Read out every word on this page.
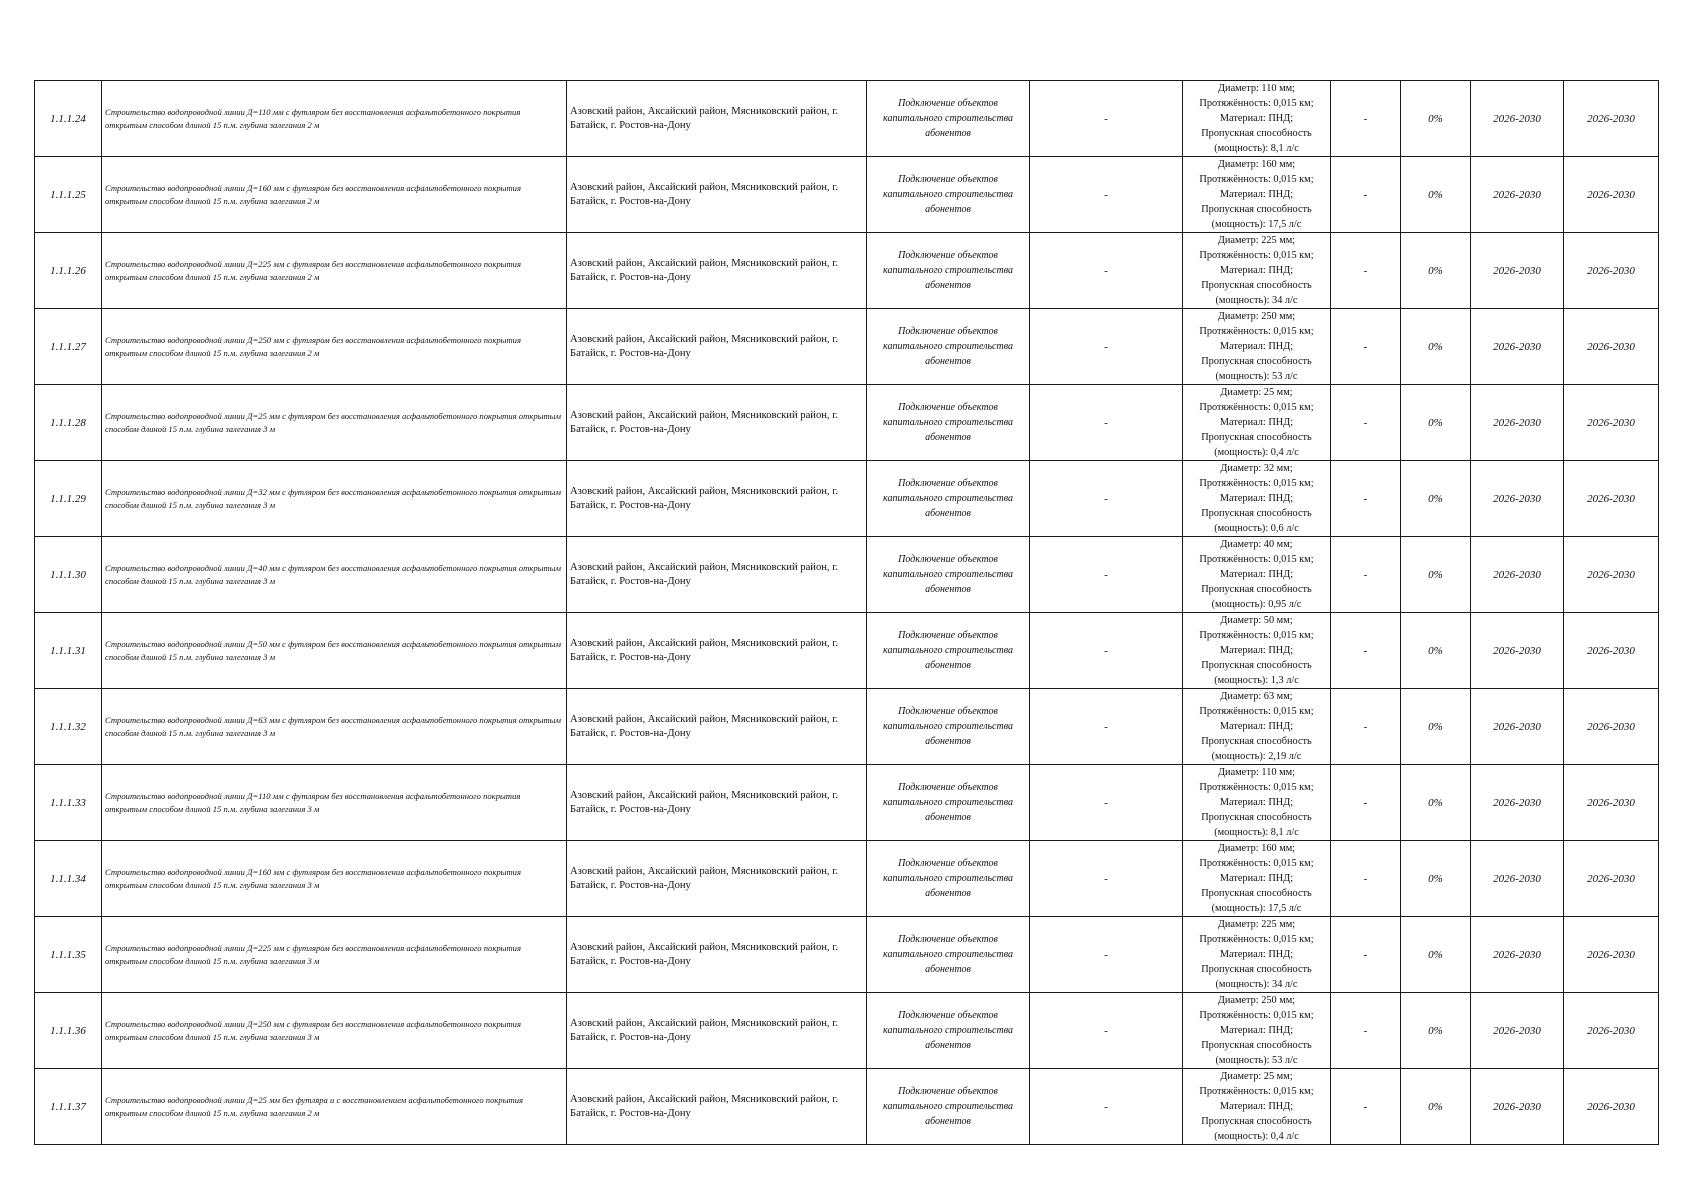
1.1.1.24	Строительство водопроводной линии Д=110 мм с футляром без восстановления асфальтобетонного покрытия открытым способом длиной 15 п.м. глубина залегания 2 м	Азовский район, Аксайский район, Мясниковский район, г. Батайск, г. Ростов-на-Дону	Подключение объектов капитального строительства абонентов	-	Диаметр: 110 мм;
Протяжённость: 0,015 км;
Материал: ПНД;
Пропускная способность
(мощность): 8,1 л/с	-	0%	2026-2030	2026-2030
1.1.1.25	Строительство водопроводной линии Д=160 мм с футляром без восстановления асфальтобетонного покрытия открытым способом длиной 15 п.м. глубина залегания 2 м	Азовский район, Аксайский район, Мясниковский район, г. Батайск, г. Ростов-на-Дону	Подключение объектов капитального строительства абонентов	-	Диаметр: 160 мм;
Протяжённость: 0,015 км;
Материал: ПНД;
Пропускная способность
(мощность): 17,5 л/с	-	0%	2026-2030	2026-2030
1.1.1.26	Строительство водопроводной линии Д=225 мм с футляром без восстановления асфальтобетонного покрытия открытым способом длиной 15 п.м. глубина залегания 2 м	Азовский район, Аксайский район, Мясниковский район, г. Батайск, г. Ростов-на-Дону	Подключение объектов капитального строительства абонентов	-	Диаметр: 225 мм;
Протяжённость: 0,015 км;
Материал: ПНД;
Пропускная способность
(мощность): 34 л/с	-	0%	2026-2030	2026-2030
1.1.1.27	Строительство водопроводной линии Д=250 мм с футляром без восстановления асфальтобетонного покрытия открытым способом длиной 15 п.м. глубина залегания 2 м	Азовский район, Аксайский район, Мясниковский район, г. Батайск, г. Ростов-на-Дону	Подключение объектов капитального строительства абонентов	-	Диаметр: 250 мм;
Протяжённость: 0,015 км;
Материал: ПНД;
Пропускная способность
(мощность): 53 л/с	-	0%	2026-2030	2026-2030
1.1.1.28	Строительство водопроводной линии Д=25 мм с футляром без восстановления асфальтобетонного покрытия открытым способом длиной 15 п.м. глубина залегания 3 м	Азовский район, Аксайский район, Мясниковский район, г. Батайск, г. Ростов-на-Дону	Подключение объектов капитального строительства абонентов	-	Диаметр: 25 мм;
Протяжённость: 0,015 км;
Материал: ПНД;
Пропускная способность
(мощность): 0,4 л/с	-	0%	2026-2030	2026-2030
1.1.1.29	Строительство водопроводной линии Д=32 мм с футляром без восстановления асфальтобетонного покрытия открытым способом длиной 15 п.м. глубина залегания 3 м	Азовский район, Аксайский район, Мясниковский район, г. Батайск, г. Ростов-на-Дону	Подключение объектов капитального строительства абонентов	-	Диаметр: 32 мм;
Протяжённость: 0,015 км;
Материал: ПНД;
Пропускная способность
(мощность): 0,6 л/с	-	0%	2026-2030	2026-2030
1.1.1.30	Строительство водопроводной линии Д=40 мм с футляром без восстановления асфальтобетонного покрытия открытым способом длиной 15 п.м. глубина залегания 3 м	Азовский район, Аксайский район, Мясниковский район, г. Батайск, г. Ростов-на-Дону	Подключение объектов капитального строительства абонентов	-	Диаметр: 40 мм;
Протяжённость: 0,015 км;
Материал: ПНД;
Пропускная способность
(мощность): 0,95 л/с	-	0%	2026-2030	2026-2030
1.1.1.31	Строительство водопроводной линии Д=50 мм с футляром без восстановления асфальтобетонного покрытия открытым способом длиной 15 п.м. глубина залегания 3 м	Азовский район, Аксайский район, Мясниковский район, г. Батайск, г. Ростов-на-Дону	Подключение объектов капитального строительства абонентов	-	Диаметр: 50 мм;
Протяжённость: 0,015 км;
Материал: ПНД;
Пропускная способность
(мощность): 1,3 л/с	-	0%	2026-2030	2026-2030
1.1.1.32	Строительство водопроводной линии Д=63 мм с футляром без восстановления асфальтобетонного покрытия открытым способом длиной 15 п.м. глубина залегания 3 м	Азовский район, Аксайский район, Мясниковский район, г. Батайск, г. Ростов-на-Дону	Подключение объектов капитального строительства абонентов	-	Диаметр: 63 мм;
Протяжённость: 0,015 км;
Материал: ПНД;
Пропускная способность
(мощность): 2,19 л/с	-	0%	2026-2030	2026-2030
1.1.1.33	Строительство водопроводной линии Д=110 мм с футляром без восстановления асфальтобетонного покрытия открытым способом длиной 15 п.м. глубина залегания 3 м	Азовский район, Аксайский район, Мясниковский район, г. Батайск, г. Ростов-на-Дону	Подключение объектов капитального строительства абонентов	-	Диаметр: 110 мм;
Протяжённость: 0,015 км;
Материал: ПНД;
Пропускная способность
(мощность): 8,1 л/с	-	0%	2026-2030	2026-2030
1.1.1.34	Строительство водопроводной линии Д=160 мм с футляром без восстановления асфальтобетонного покрытия открытым способом длиной 15 п.м. глубина залегания 3 м	Азовский район, Аксайский район, Мясниковский район, г. Батайск, г. Ростов-на-Дону	Подключение объектов капитального строительства абонентов	-	Диаметр: 160 мм;
Протяжённость: 0,015 км;
Материал: ПНД;
Пропускная способность
(мощность): 17,5 л/с	-	0%	2026-2030	2026-2030
1.1.1.35	Строительство водопроводной линии Д=225 мм с футляром без восстановления асфальтобетонного покрытия открытым способом длиной 15 п.м. глубина залегания 3 м	Азовский район, Аксайский район, Мясниковский район, г. Батайск, г. Ростов-на-Дону	Подключение объектов капитального строительства абонентов	-	Диаметр: 225 мм;
Протяжённость: 0,015 км;
Материал: ПНД;
Пропускная способность
(мощность): 34 л/с	-	0%	2026-2030	2026-2030
1.1.1.36	Строительство водопроводной линии Д=250 мм с футляром без восстановления асфальтобетонного покрытия открытым способом длиной 15 п.м. глубина залегания 3 м	Азовский район, Аксайский район, Мясниковский район, г. Батайск, г. Ростов-на-Дону	Подключение объектов капитального строительства абонентов	-	Диаметр: 250 мм;
Протяжённость: 0,015 км;
Материал: ПНД;
Пропускная способность
(мощность): 53 л/с	-	0%	2026-2030	2026-2030
1.1.1.37	Строительство водопроводной линии Д=25 мм без футляра и с восстановлением асфальтобетонного покрытия открытым способом длиной 15 п.м. глубина залегания 2 м	Азовский район, Аксайский район, Мясниковский район, г. Батайск, г. Ростов-на-Дону	Подключение объектов капитального строительства абонентов	-	Диаметр: 25 мм;
Протяжённость: 0,015 км;
Материал: ПНД;
Пропускная способность
(мощность): 0,4 л/с	-	0%	2026-2030	2026-2030
